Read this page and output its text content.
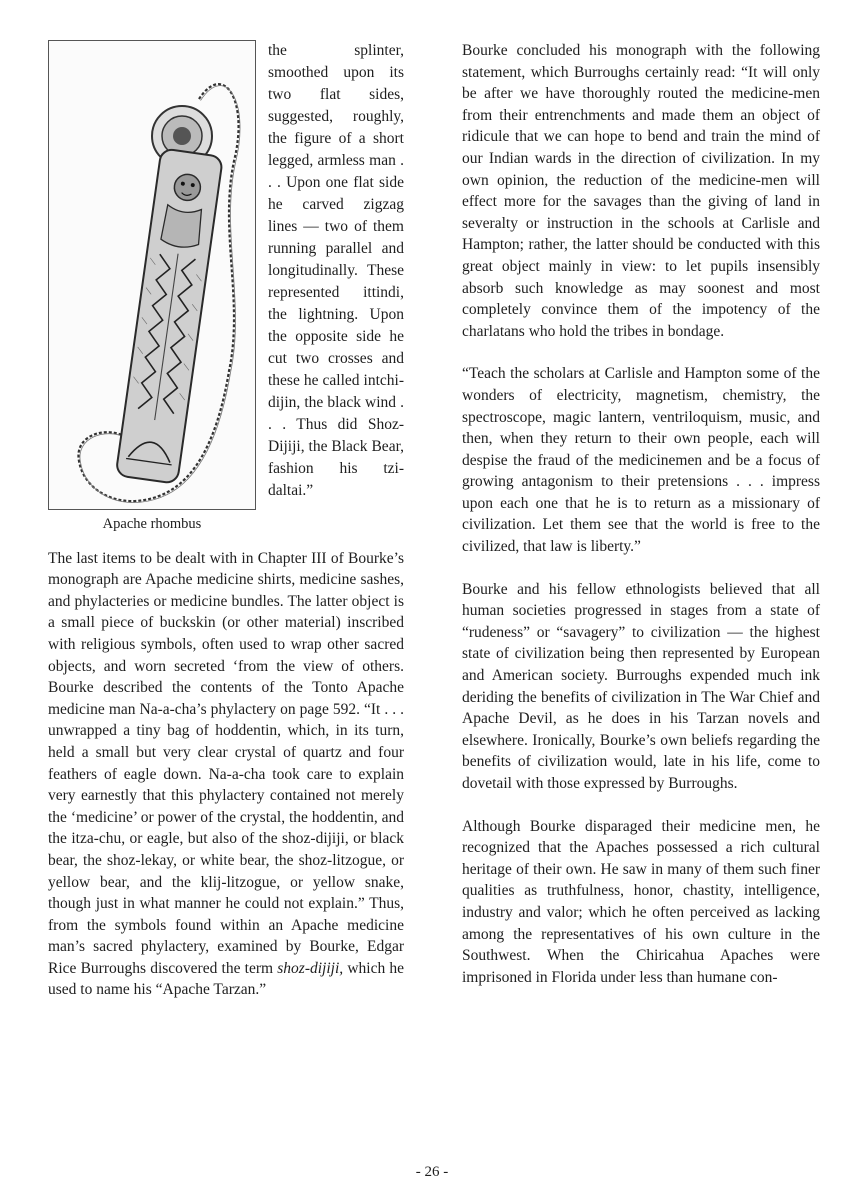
Apache rhombus
the splinter, smoothed upon its two flat sides, suggested, roughly, the figure of a short legged, armless man . . . Upon one flat side he carved zigzag lines — two of them running parallel and longitudinally. These represented ittindi, the lightning. Upon the opposite side he cut two crosses and these he called intchi-dijin, the black wind . . . Thus did Shoz-Dijiji, the Black Bear, fashion his tzi-daltai.”

The last items to be dealt with in Chapter III of Bourke’s monograph are Apache medicine shirts, medicine sashes, and phylacteries or medicine bundles. The latter object is a small piece of buckskin (or other material) inscribed with religious symbols, often used to wrap other sacred objects, and worn secreted ‘from the view of others. Bourke described the contents of the Tonto Apache medicine man Na-a-cha’s phylactery on page 592. “It . . . unwrapped a tiny bag of hoddentin, which, in its turn, held a small but very clear crystal of quartz and four feathers of eagle down. Na-a-cha took care to explain very earnestly that this phylactery contained not merely the ‘medicine’ or power of the crystal, the hoddentin, and the itza-chu, or eagle, but also of the shoz-dijiji, or black bear, the shoz-lekay, or white bear, the shoz-litzogue, or yellow bear, and the klij-litzogue, or yellow snake, though just in what manner he could not explain.” Thus, from the symbols found within an Apache medicine man’s sacred phylactery, examined by Bourke, Edgar Rice Burroughs discovered the term shoz-dijiji, which he used to name his “Apache Tarzan.”

Bourke concluded his monograph with the following statement, which Burroughs certainly read: “It will only be after we have thoroughly routed the medicine-men from their entrenchments and made them an object of ridicule that we can hope to bend and train the mind of our Indian wards in the direction of civilization. In my own opinion, the reduction of the medicine-men will effect more for the savages than the giving of land in severalty or instruction in the schools at Carlisle and Hampton; rather, the latter should be conducted with this great object mainly in view: to let pupils insensibly absorb such knowledge as may soonest and most completely convince them of the impotency of the charlatans who hold the tribes in bondage.

“Teach the scholars at Carlisle and Hampton some of the wonders of electricity, magnetism, chemistry, the spectroscope, magic lantern, ventriloquism, music, and then, when they return to their own people, each will despise the fraud of the medicinemen and be a focus of growing antagonism to their pretensions . . . impress upon each one that he is to return as a missionary of civilization. Let them see that the world is free to the civilized, that law is liberty.”

Bourke and his fellow ethnologists believed that all human societies progressed in stages from a state of “rudeness” or “savagery” to civilization — the highest state of civilization being then represented by European and American society. Burroughs expended much ink deriding the benefits of civilization in The War Chief and Apache Devil, as he does in his Tarzan novels and elsewhere. Ironically, Bourke’s own beliefs regarding the benefits of civilization would, late in his life, come to dovetail with those expressed by Burroughs.

Although Bourke disparaged their medicine men, he recognized that the Apaches possessed a rich cultural heritage of their own. He saw in many of them such finer qualities as truthfulness, honor, chastity, intelligence, industry and valor; which he often perceived as lacking among the representatives of his own culture in the Southwest. When the Chiricahua Apaches were imprisoned in Florida under less than humane con-

- 26 -
